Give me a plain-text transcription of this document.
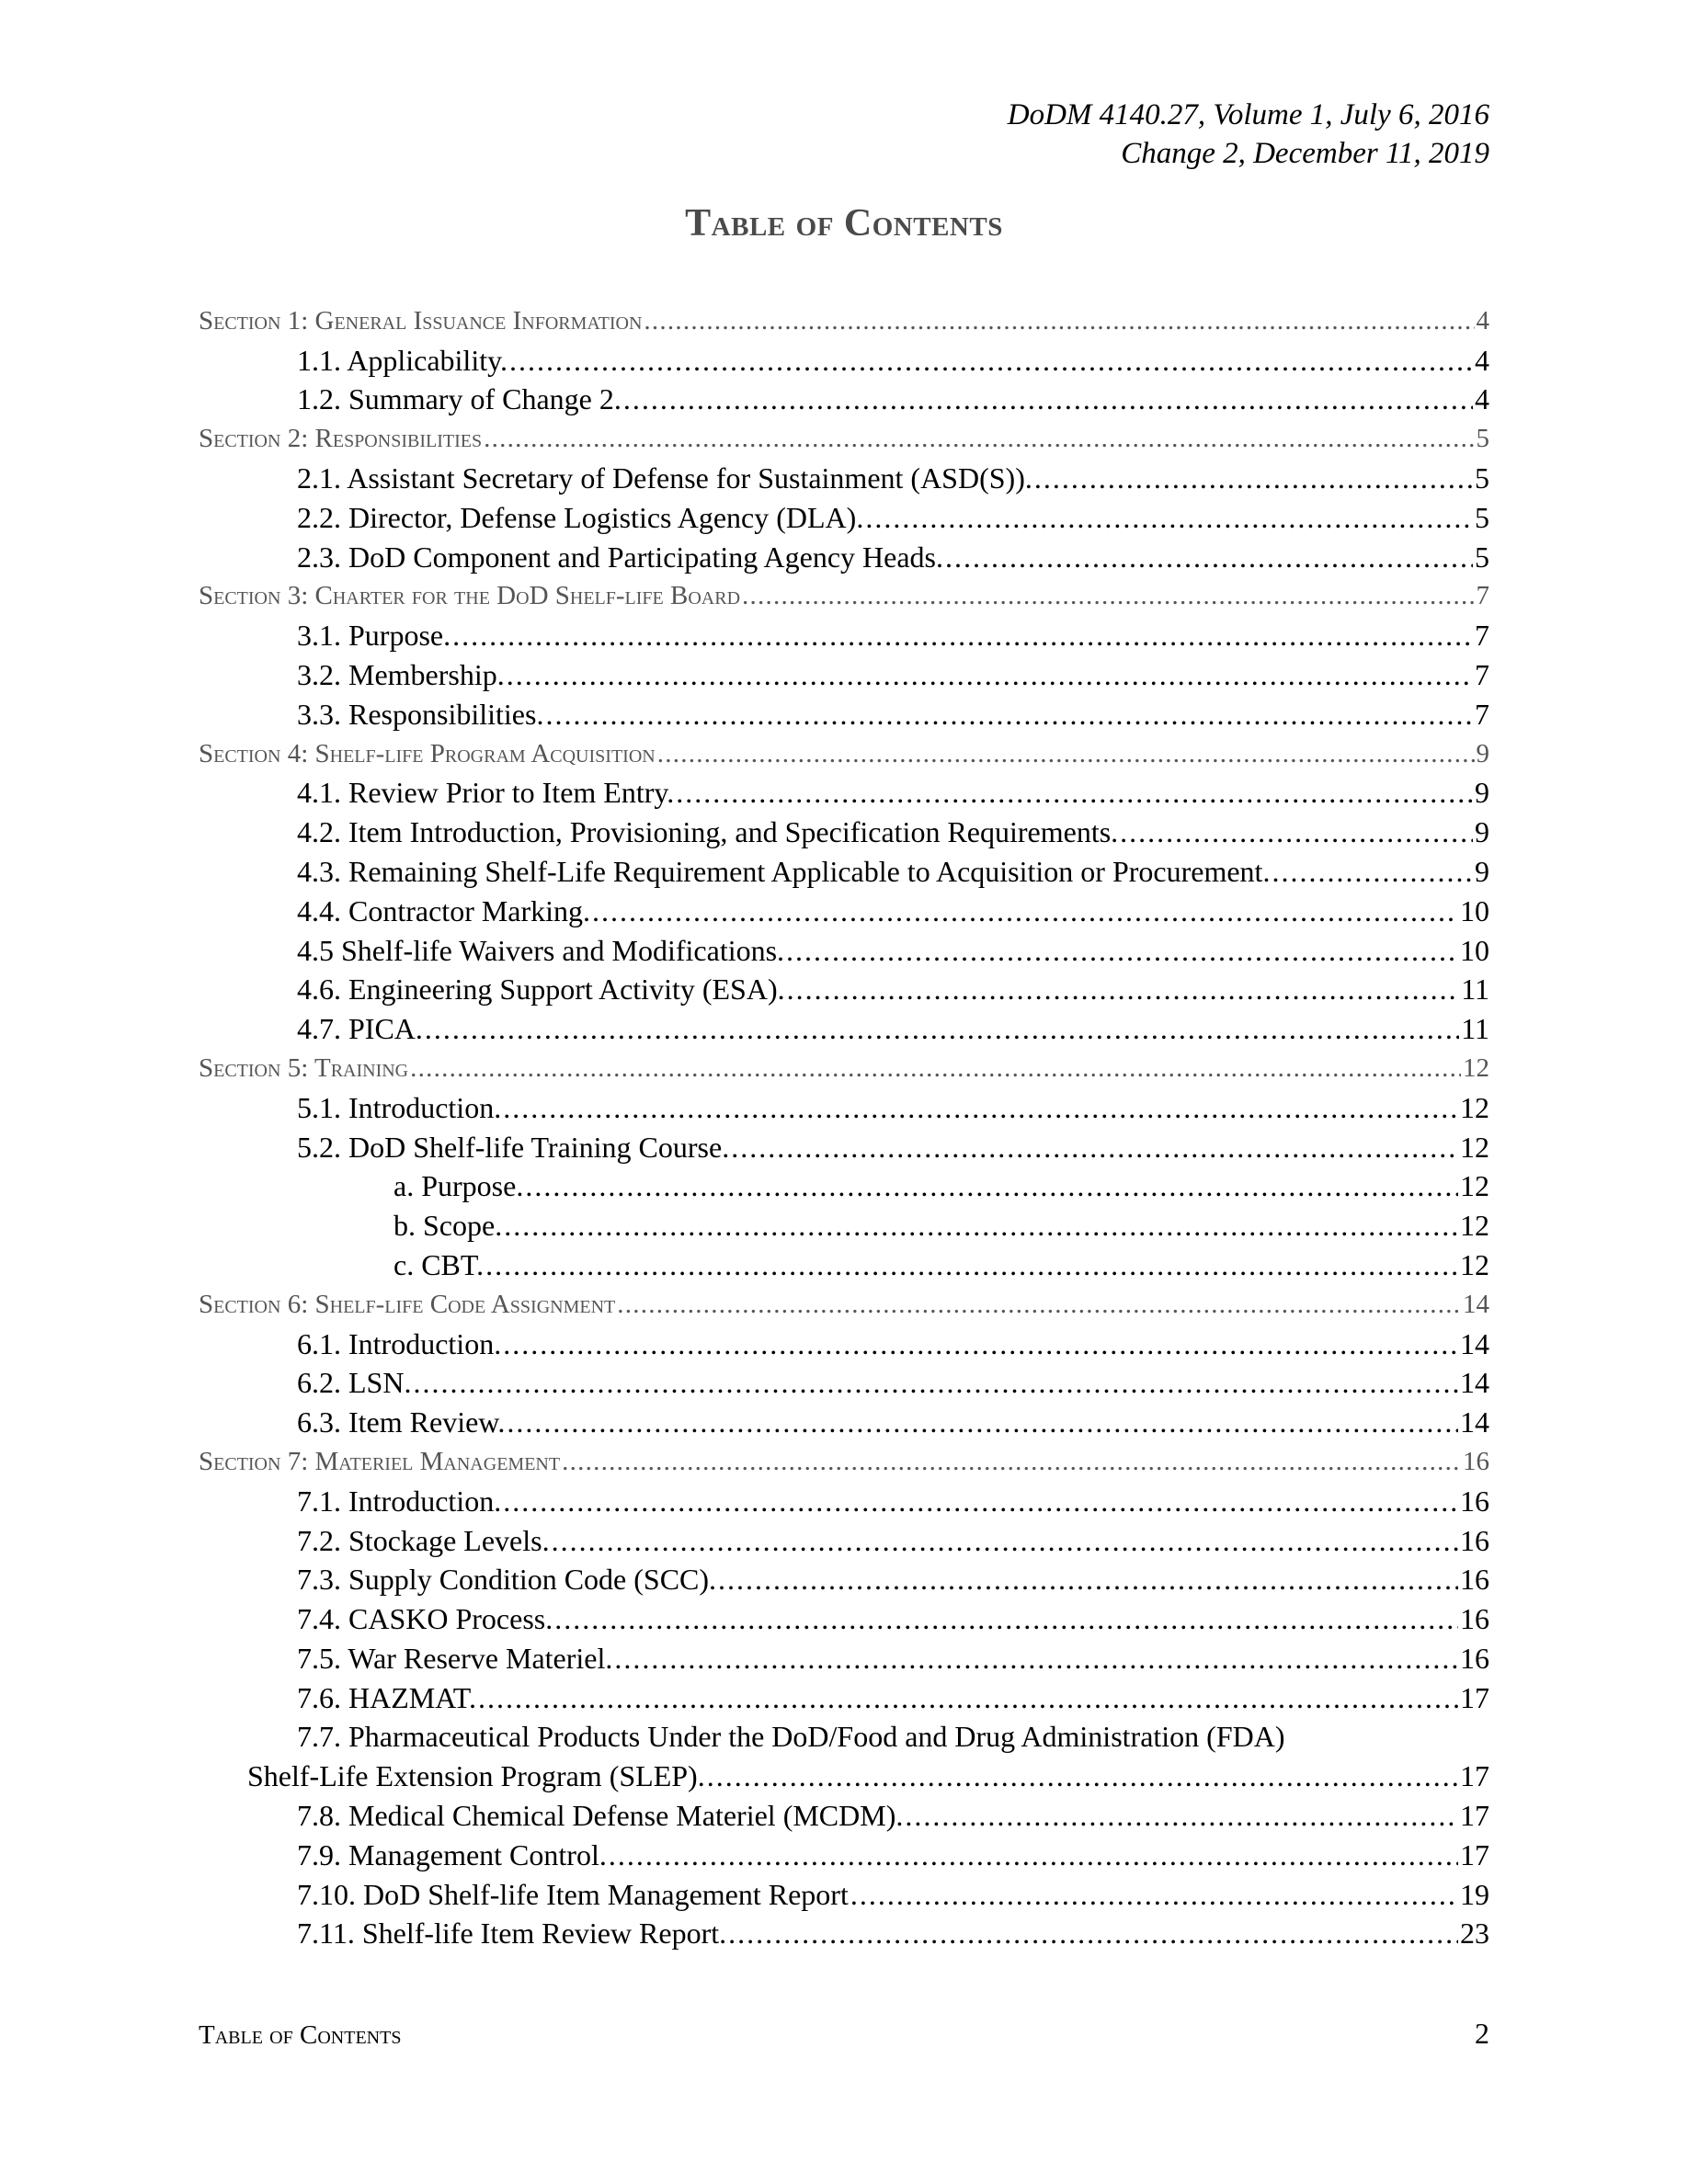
DoDM 4140.27, Volume 1, July 6, 2016
Change 2, December 11, 2019
Table of Contents
Section 1: General Issuance Information . . .	4
1.1. Applicability. . . .	4
1.2. Summary of Change 2. . . .	4
Section 2: Responsibilities . . .	5
2.1. Assistant Secretary of Defense for Sustainment (ASD(S)). . . .	5
2.2. Director, Defense Logistics Agency (DLA). . . .	5
2.3. DoD Component and Participating Agency Heads. . . .	5
Section 3: Charter for the DoD Shelf-life Board . . .	7
3.1. Purpose. . . .	7
3.2. Membership. . . .	7
3.3. Responsibilities. . . .	7
Section 4: Shelf-life Program Acquisition . . .	9
4.1. Review Prior to Item Entry. . . .	9
4.2. Item Introduction, Provisioning, and Specification Requirements. . . .	9
4.3. Remaining Shelf-Life Requirement Applicable to Acquisition or Procurement. . . .	9
4.4. Contractor Marking. . . .	10
4.5 Shelf-life Waivers and Modifications. . . .	10
4.6. Engineering Support Activity (ESA). . . .	11
4.7. PICA. . . .	11
Section 5: Training . . .	12
5.1. Introduction. . . .	12
5.2. DoD Shelf-life Training Course. . . .	12
a. Purpose. . . .	12
b. Scope. . . .	12
c. CBT. . . .	12
Section 6: Shelf-life Code Assignment . . .	14
6.1. Introduction. . . .	14
6.2. LSN. . . .	14
6.3. Item Review. . . .	14
Section 7: Materiel Management . . .	16
7.1. Introduction. . . .	16
7.2. Stockage Levels. . . .	16
7.3. Supply Condition Code (SCC). . . .	16
7.4. CASKO Process. . . .	16
7.5. War Reserve Materiel. . . .	16
7.6. HAZMAT. . . .	17
7.7. Pharmaceutical Products Under the DoD/Food and Drug Administration (FDA)
Shelf-Life Extension Program (SLEP). . . .	17
7.8. Medical Chemical Defense Materiel (MCDM). . . .	17
7.9. Management Control. . . .	17
7.10. DoD Shelf-life Item Management Report . . .	19
7.11. Shelf-life Item Review Report. . . .	23
Table of Contents	2
